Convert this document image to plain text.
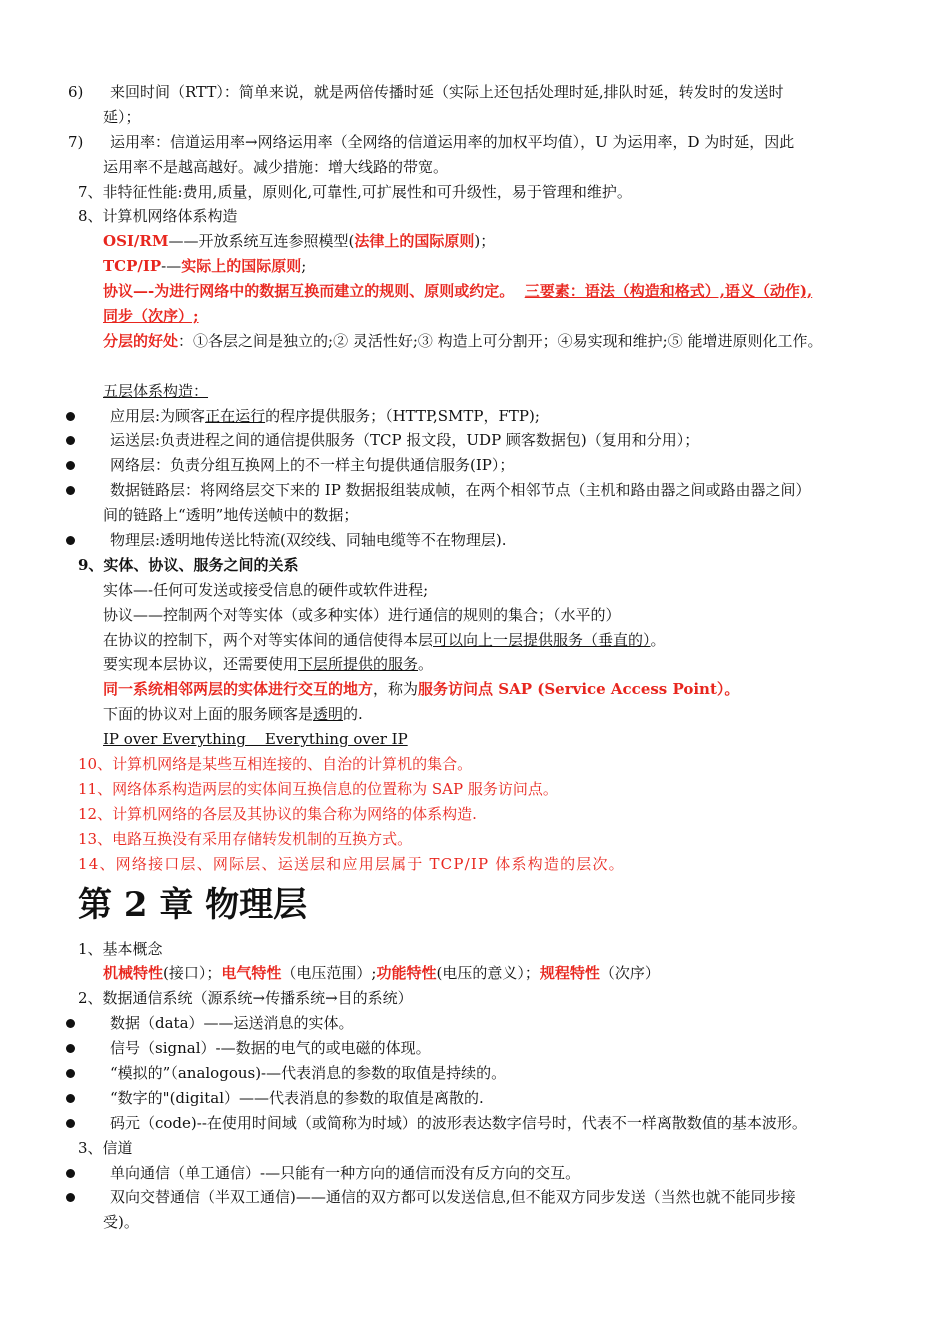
6) 来回时间（RTT）：简单来说，就是两倍传播时延（实际上还包括处理时延,排队时延，转发时的发送时
延）；
7) 运用率：信道运用率→网络运用率（全网络的信道运用率的加权平均值），U 为运用率，D 为时延，因此
运用率不是越高越好。减少措施：增大线路的带宽。
7、非特征性能:费用,质量，原则化,可靠性,可扩展性和可升级性，易于管理和维护。
8、计算机网络体系构造
OSI/RM——开放系统互连参照模型(法律上的国际原则)；
TCP/IP-—实际上的国际原则;
协议—-为进行网络中的数据互换而建立的规则、原则或约定。 三要素：语法（构造和格式）,语义（动作),
同步（次序）;
分层的好处：①各层之间是独立的;② 灵活性好;③ 构造上可分割开；④易实现和维护;⑤ 能增进原则化工作。
五层体系构造：
应用层:为顾客正在运行的程序提供服务；（HTTP,SMTP，FTP);
运送层:负责进程之间的通信提供服务（TCP 报文段，UDP 顾客数据包)（复用和分用）；
网络层：负责分组互换网上的不一样主句提供通信服务(IP）；
数据链路层：将网络层交下来的 IP 数据报组装成帧，在两个相邻节点（主机和路由器之间或路由器之间）
间的链路上“透明”地传送帧中的数据；
物理层:透明地传送比特流(双绞线、同轴电缆等不在物理层).
9、实体、协议、服务之间的关系
实体—-任何可发送或接受信息的硬件或软件进程;
协议——控制两个对等实体（或多种实体）进行通信的规则的集合；（水平的）
在协议的控制下，两个对等实体间的通信使得本层可以向上一层提供服务（垂直的）。
要实现本层协议，还需要使用下层所提供的服务。
同一系统相邻两层的实体进行交互的地方，称为服务访问点 SAP (Service Access Point）。
下面的协议对上面的服务顾客是透明的.
IP over Everything    Everything over IP
10、计算机网络是某些互相连接的、自治的计算机的集合。
11、网络体系构造两层的实体间互换信息的位置称为 SAP 服务访问点。
12、计算机网络的各层及其协议的集合称为网络的体系构造.
13、电路互换没有采用存储转发机制的互换方式。
14、网络接口层、网际层、运送层和应用层属于 TCP/IP 体系构造的层次。
第 2 章 物理层
1、基本概念
机械特性(接口）；电气特性（电压范围）;功能特性(电压的意义）；规程特性（次序）
2、数据通信系统（源系统→传播系统→目的系统）
数据（data）——运送消息的实体。
信号（signal）-—数据的电气的或电磁的体现。
“模拟的”（analogous)-—代表消息的参数的取值是持续的。
“数字的"(digital）——代表消息的参数的取值是离散的.
码元（code)--在使用时间域（或简称为时域）的波形表达数字信号时，代表不一样离散数值的基本波形。
3、信道
单向通信（单工通信）-—只能有一种方向的通信而没有反方向的交互。
双向交替通信（半双工通信)——通信的双方都可以发送信息,但不能双方同步发送（当然也就不能同步接
受)。
